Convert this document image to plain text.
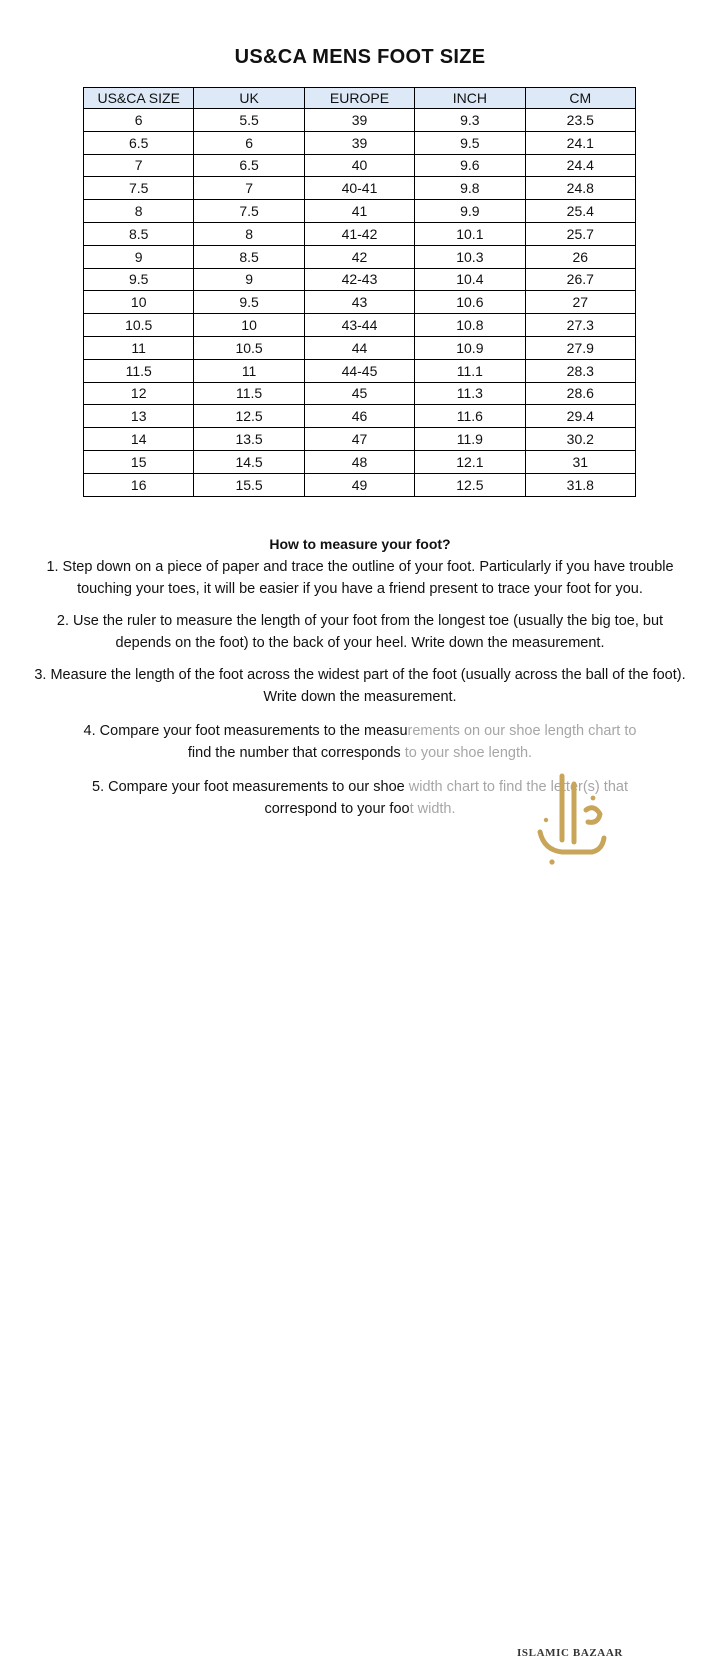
US&CA MENS FOOT SIZE
US&CA SIZE	UK	EUROPE	INCH	CM
6	5.5	39	9.3	23.5
6.5	6	39	9.5	24.1
7	6.5	40	9.6	24.4
7.5	7	40-41	9.8	24.8
8	7.5	41	9.9	25.4
8.5	8	41-42	10.1	25.7
9	8.5	42	10.3	26
9.5	9	42-43	10.4	26.7
10	9.5	43	10.6	27
10.5	10	43-44	10.8	27.3
11	10.5	44	10.9	27.9
11.5	11	44-45	11.1	28.3
12	11.5	45	11.3	28.6
13	12.5	46	11.6	29.4
14	13.5	47	11.9	30.2
15	14.5	48	12.1	31
16	15.5	49	12.5	31.8
How to measure your foot?

1. Step down on a piece of paper and trace the outline of your foot. Particularly if you have trouble touching your toes, it will be easier if you have a friend present to trace your foot for you.

2. Use the ruler to measure the length of your foot from the longest toe (usually the big toe, but depends on the foot) to the back of your heel. Write down the measurement.

3. Measure the length of the foot across the widest part of the foot (usually across the ball of the foot). Write down the measurement.

4. Compare your foot measurements to the measurements on our shoe length chart to
find the number that corresponds to your shoe length.

5. Compare your foot measurements to our shoe width chart to find the letter(s) that
correspond to your foot width.

ISLAMIC BAZAAR
